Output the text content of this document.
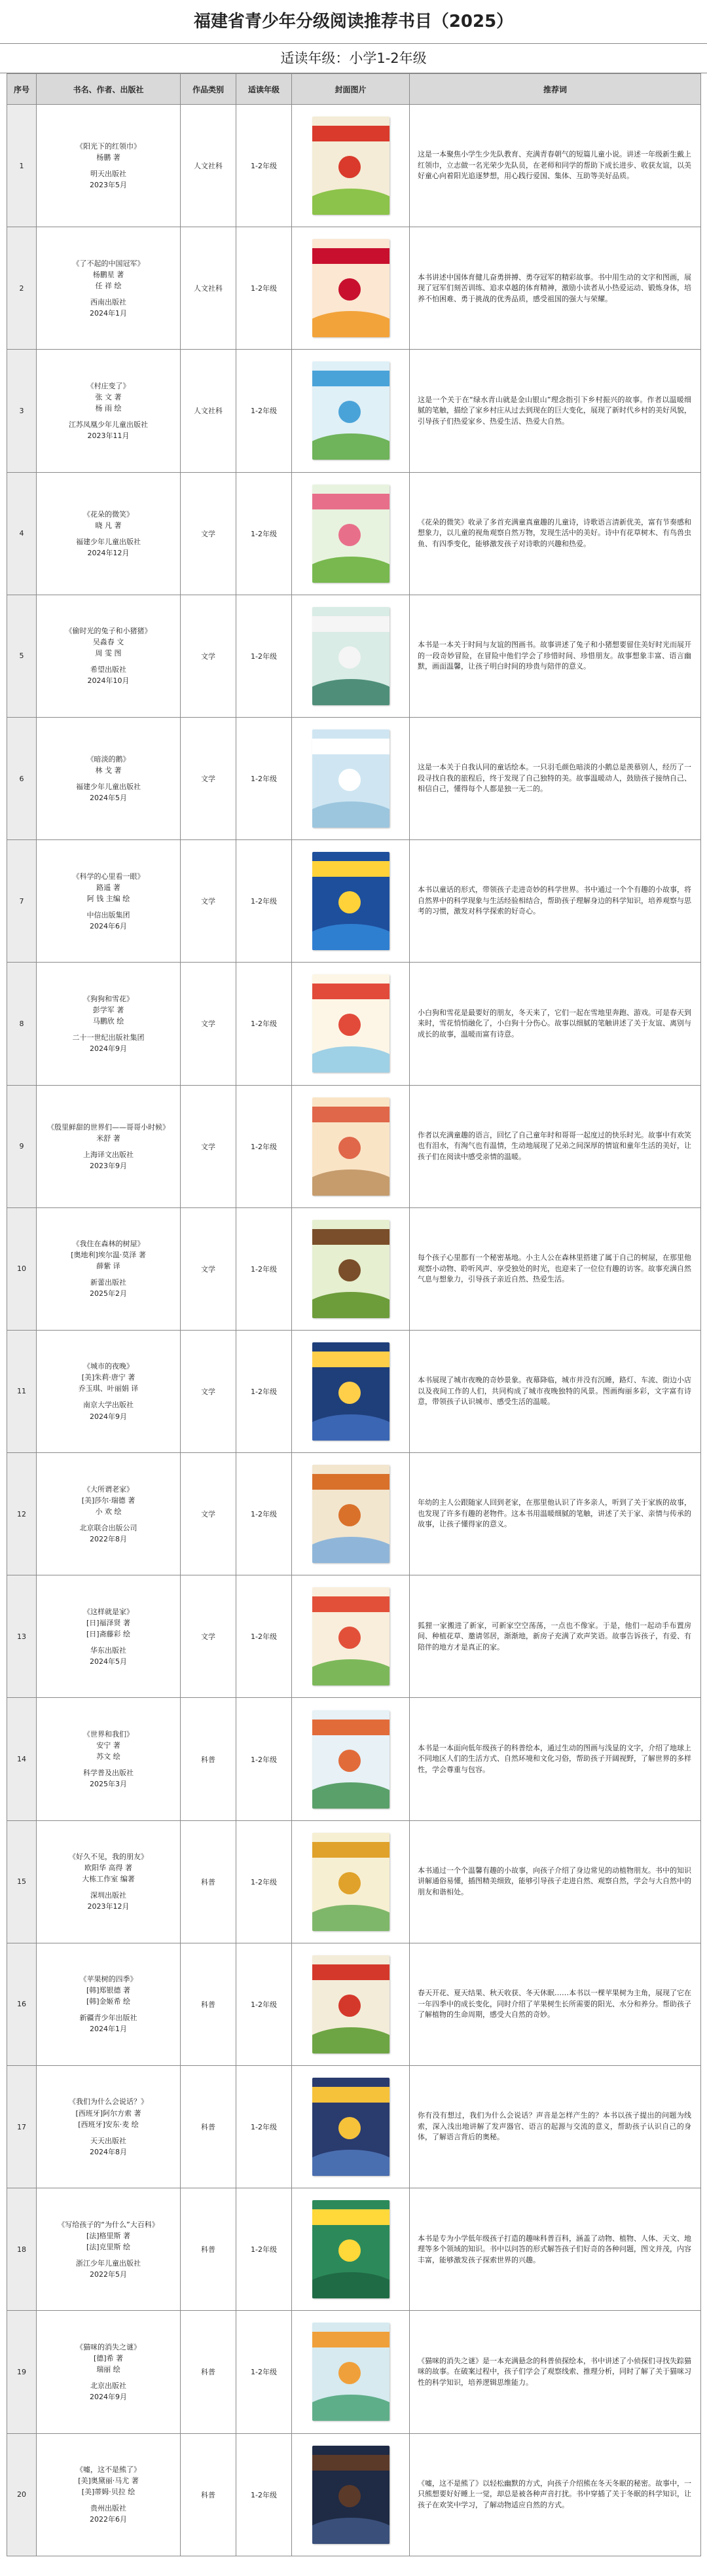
福建省青少年分级阅读推荐书目（2025）
适读年级：小学1-2年级
序号	书名、作者、出版社	作品类别	适读年级	封面图片	推荐词
1	《阳光下的红领巾》
杨鹏 著
明天出版社
2023年5月	人文社科	1-2年级		这是一本聚焦小学生少先队教育、充满青春朝气的短篇儿童小说。讲述一年级新生戴上红领巾，立志做一名光荣少先队员，在老师和同学的帮助下成长进步、收获友谊，以美好童心向着阳光追逐梦想，用心践行爱国、集体、互助等美好品质。
2	《了不起的中国冠军》
杨鹏星 著
任 祥 绘
西南出版社
2024年1月	人文社科	1-2年级		本书讲述中国体育健儿奋勇拼搏、勇夺冠军的精彩故事。书中用生动的文字和图画，展现了冠军们刻苦训练、追求卓越的体育精神，激励小读者从小热爱运动、锻炼身体，培养不怕困难、勇于挑战的优秀品质，感受祖国的强大与荣耀。
3	《村庄变了》
张 文 著
杨 雨 绘
江苏凤凰少年儿童出版社
2023年11月	人文社科	1-2年级		这是一个关于在“绿水青山就是金山银山”理念指引下乡村振兴的故事。作者以温暖细腻的笔触，描绘了家乡村庄从过去到现在的巨大变化，展现了新时代乡村的美好风貌，引导孩子们热爱家乡、热爱生活、热爱大自然。
4	《花朵的微笑》
晓 凡 著
福建少年儿童出版社
2024年12月	文学	1-2年级		《花朵的微笑》收录了多首充满童真童趣的儿童诗，诗歌语言清新优美，富有节奏感和想象力，以儿童的视角观察自然万物，发现生活中的美好。诗中有花草树木、有鸟兽虫鱼、有四季变化，能够激发孩子对诗歌的兴趣和热爱。
5	《偷时光的兔子和小猪猪》
吴淼春 文
周 雯 图
希望出版社
2024年10月	文学	1-2年级		本书是一本关于时间与友谊的图画书。故事讲述了兔子和小猪想要留住美好时光而展开的一段奇妙冒险，在冒险中他们学会了珍惜时间、珍惜朋友。故事想象丰富、语言幽默，画面温馨，让孩子明白时间的珍贵与陪伴的意义。
6	《暗淡的鹅》
林 戈 著
福建少年儿童出版社
2024年5月	文学	1-2年级		这是一本关于自我认同的童话绘本。一只羽毛颜色暗淡的小鹅总是羡慕别人，经历了一段寻找自我的旅程后，终于发现了自己独特的美。故事温暖动人，鼓励孩子接纳自己、相信自己，懂得每个人都是独一无二的。
7	《科学的心里看一眼》
路遥 著
阿 钱 主编 绘
中信出版集团
2024年6月	文学	1-2年级		本书以童话的形式，带领孩子走进奇妙的科学世界。书中通过一个个有趣的小故事，将自然界中的科学现象与生活经验相结合，帮助孩子理解身边的科学知识，培养观察与思考的习惯，激发对科学探索的好奇心。
8	《狗狗和雪花》
彭学军 著
马鹏欣 绘
二十一世纪出版社集团
2024年9月	文学	1-2年级		小白狗和雪花是最要好的朋友，冬天来了，它们一起在雪地里奔跑、游戏。可是春天到来时，雪花悄悄融化了，小白狗十分伤心。故事以细腻的笔触讲述了关于友谊、离别与成长的故事，温暖而富有诗意。
9	《殷里鲜甜的世界们——哥哥小时候》
米舒 著
上海译文出版社
2023年9月	文学	1-2年级		作者以充满童趣的语言，回忆了自己童年时和哥哥一起度过的快乐时光。故事中有欢笑也有泪水，有淘气也有温情，生动地展现了兄弟之间深厚的情谊和童年生活的美好，让孩子们在阅读中感受亲情的温暖。
10	《我住在森林的树屋》
[奥地利]埃尔温·莫泽 著
薛紫 译
新蕾出版社
2025年2月	文学	1-2年级		每个孩子心里都有一个秘密基地。小主人公在森林里搭建了属于自己的树屋，在那里他观察小动物、聆听风声、享受独处的时光，也迎来了一位位有趣的访客。故事充满自然气息与想象力，引导孩子亲近自然、热爱生活。
11	《城市的夜晚》
[美]朱莉·唐宁 著
乔玉琪、叶丽娟 译
南京大学出版社
2024年9月	文学	1-2年级		本书展现了城市夜晚的奇妙景象。夜幕降临，城市并没有沉睡，路灯、车流、街边小店以及夜间工作的人们，共同构成了城市夜晚独特的风景。图画绚丽多彩，文字富有诗意，带领孩子认识城市、感受生活的温暖。
12	《大所谓老家》
[美]莎尔·瑞德 著
小 欢 绘
北京联合出版公司
2022年8月	文学	1-2年级		年幼的主人公跟随家人回到老家，在那里他认识了许多亲人，听到了关于家族的故事，也发现了许多有趣的老物件。这本书用温暖细腻的笔触，讲述了关于家、亲情与传承的故事，让孩子懂得家的意义。
13	《这样就是家》
[日]福泽贤 著
[日]斋藤彩 绘
华东出版社
2024年5月	文学	1-2年级		狐狸一家搬进了新家，可新家空空荡荡，一点也不像家。于是，他们一起动手布置房间、种植花草、邀请邻居，渐渐地，新房子充满了欢声笑语。故事告诉孩子，有爱、有陪伴的地方才是真正的家。
14	《世界和我们》
安宁 著
苏文 绘
科学普及出版社
2025年3月	科普	1-2年级		本书是一本面向低年级孩子的科普绘本，通过生动的图画与浅显的文字，介绍了地球上不同地区人们的生活方式、自然环境和文化习俗，帮助孩子开阔视野，了解世界的多样性，学会尊重与包容。
15	《好久不见，我的朋友》
欧阳华 高得 著
大栋工作室 编著
深圳出版社
2023年12月	科普	1-2年级		本书通过一个个温馨有趣的小故事，向孩子介绍了身边常见的动植物朋友。书中的知识讲解通俗易懂，插图精美细致，能够引导孩子走进自然、观察自然，学会与大自然中的朋友和谐相处。
16	《苹果树的四季》
[韩]郑银德 著
[韩]金姬希 绘
新疆青少年出版社
2024年1月	科普	1-2年级		春天开花、夏天结果、秋天收获、冬天休眠……本书以一棵苹果树为主角，展现了它在一年四季中的成长变化，同时介绍了苹果树生长所需要的阳光、水分和养分。帮助孩子了解植物的生命周期，感受大自然的奇妙。
17	《我们为什么会说话？》
[西班牙]阿尔方索 著
[西班牙]安东·麦 绘
天天出版社
2024年8月	科普	1-2年级		你有没有想过，我们为什么会说话？声音是怎样产生的？本书以孩子提出的问题为线索，深入浅出地讲解了发声器官、语言的起源与交流的意义，帮助孩子认识自己的身体，了解语言背后的奥秘。
18	《写给孩子的“为什么”大百科》
[法]格里斯 著
[法]克里斯 绘
浙江少年儿童出版社
2022年5月	科普	1-2年级		本书是专为小学低年级孩子打造的趣味科普百科，涵盖了动物、植物、人体、天文、地理等多个领域的知识。书中以问答的形式解答孩子们好奇的各种问题，图文并茂，内容丰富，能够激发孩子探索世界的兴趣。
19	《猫咪的消失之谜》
[德]希 著
瑞丽 绘
北京出版社
2024年9月	科普	1-2年级		《猫咪的消失之谜》是一本充满悬念的科普侦探绘本，书中讲述了小侦探们寻找失踪猫咪的故事。在破案过程中，孩子们学会了观察线索、推理分析，同时了解了关于猫咪习性的科学知识，培养逻辑思维能力。
20	《嘘，这不是熊了》
[美]奥黛丽·马尤 著
[美]蒂姆·贝拉 绘
贵州出版社
2022年6月	科普	1-2年级		《嘘，这不是熊了》以轻松幽默的方式，向孩子介绍熊在冬天冬眠的秘密。故事中，一只熊想要好好睡上一觉，却总是被各种声音打扰。书中穿插了关于冬眠的科学知识，让孩子在欢笑中学习，了解动物适应自然的方式。
